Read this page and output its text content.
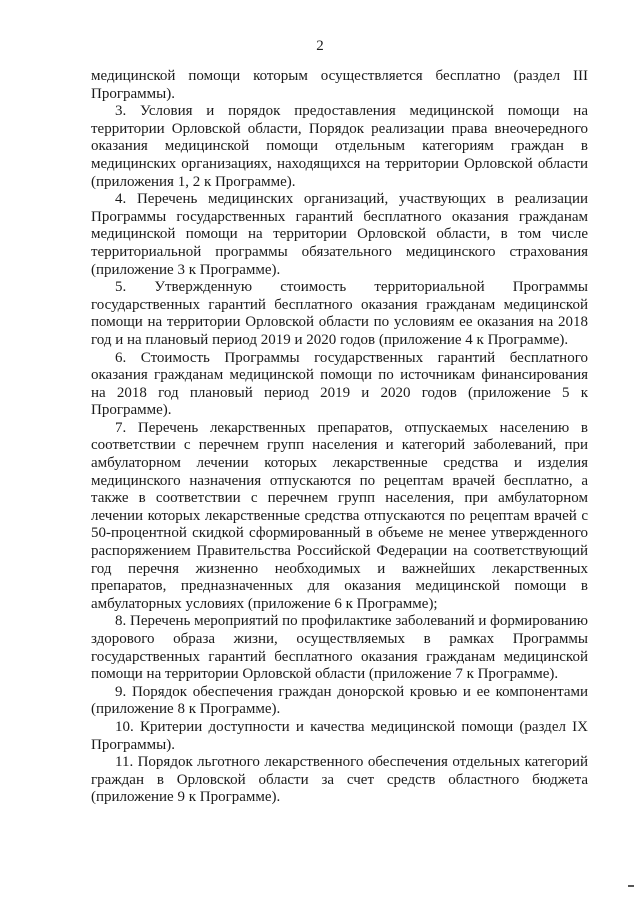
2

медицинской помощи которым осуществляется бесплатно (раздел III Программы).

3. Условия и порядок предоставления медицинской помощи на территории Орловской области, Порядок реализации права внеочередного оказания медицинской помощи отдельным категориям граждан в медицинских организациях, находящихся на территории Орловской области (приложения 1, 2 к Программе).

4. Перечень медицинских организаций, участвующих в реализации Программы государственных гарантий бесплатного оказания гражданам медицинской помощи на территории Орловской области, в том числе территориальной программы обязательного медицинского страхования (приложение 3 к Программе).

5. Утвержденную стоимость территориальной Программы государственных гарантий бесплатного оказания гражданам медицинской помощи на территории Орловской области по условиям ее оказания на 2018 год и на плановый период 2019 и 2020 годов (приложение 4 к Программе).

6. Стоимость Программы государственных гарантий бесплатного оказания гражданам медицинской помощи по источникам финансирования на 2018 год плановый период 2019 и 2020 годов (приложение 5 к Программе).

7. Перечень лекарственных препаратов, отпускаемых населению в соответствии с перечнем групп населения и категорий заболеваний, при амбулаторном лечении которых лекарственные средства и изделия медицинского назначения отпускаются по рецептам врачей бесплатно, а также в соответствии с перечнем групп населения, при амбулаторном лечении которых лекарственные средства отпускаются по рецептам врачей с 50-процентной скидкой сформированный в объеме не менее утвержденного распоряжением Правительства Российской Федерации на соответствующий год перечня жизненно необходимых и важнейших лекарственных препаратов, предназначенных для оказания медицинской помощи в амбулаторных условиях (приложение 6 к Программе);

8. Перечень мероприятий по профилактике заболеваний и формированию здорового образа жизни, осуществляемых в рамках Программы государственных гарантий бесплатного оказания гражданам медицинской помощи на территории Орловской области (приложение 7 к Программе).

9. Порядок обеспечения граждан донорской кровью и ее компонентами (приложение 8 к Программе).

10. Критерии доступности и качества медицинской помощи (раздел IX Программы).

11. Порядок льготного лекарственного обеспечения отдельных категорий граждан в Орловской области за счет средств областного бюджета (приложение 9 к Программе).
